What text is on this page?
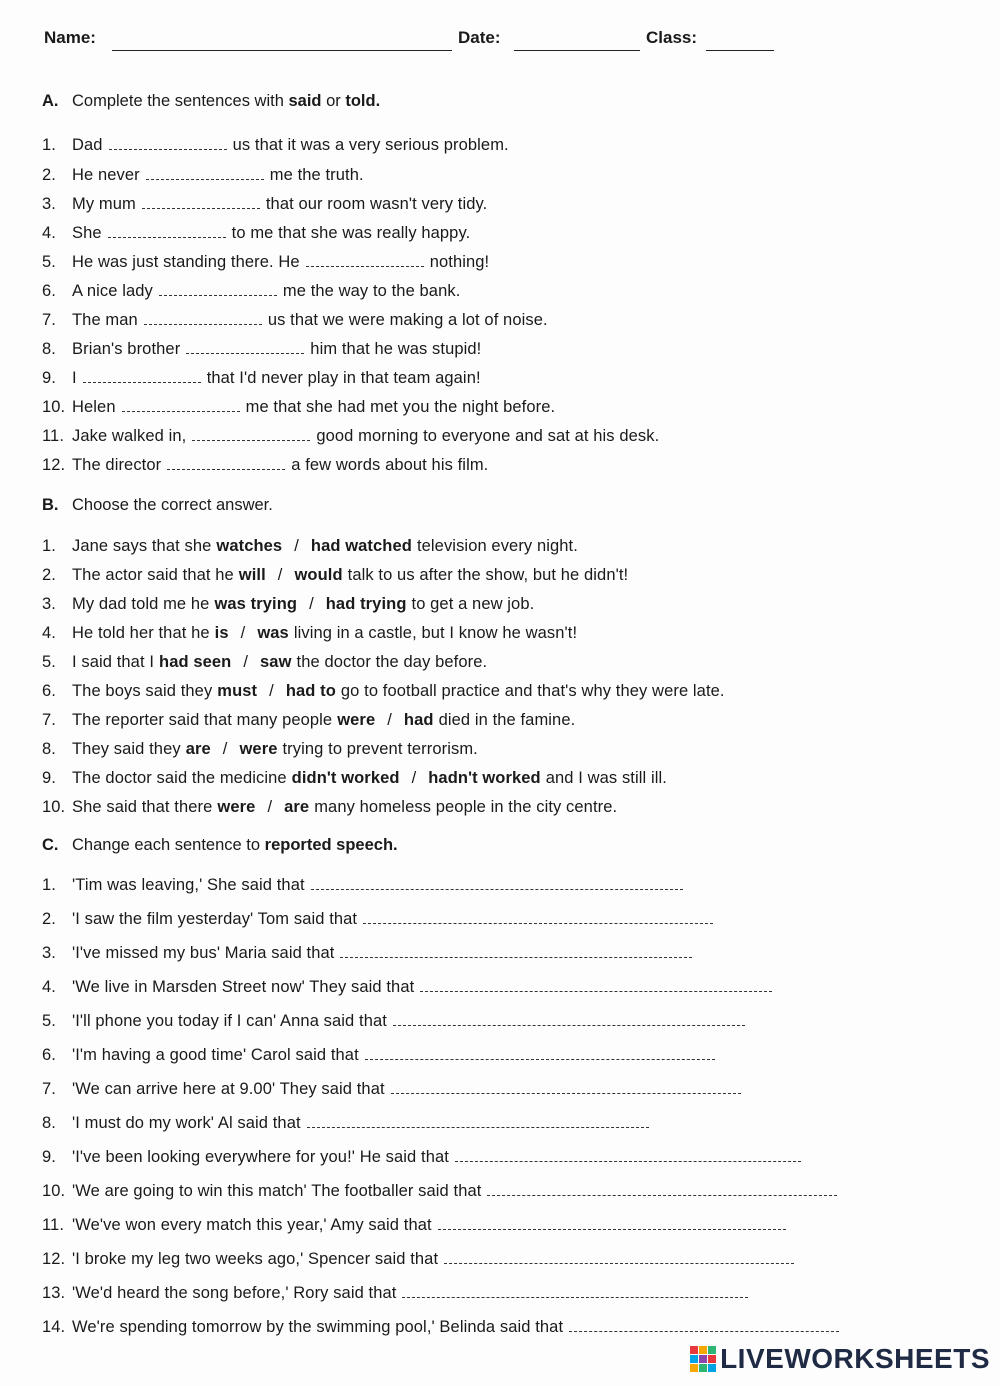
Name:	Date:	Class:
A. Complete the sentences with said or told.
1. Dad	us that it was a very serious problem.
2. He never	me the truth.
3. My mum	that our room wasn't very tidy.
4. She	to me that she was really happy.
5. He was just standing there. He	nothing!
6. A nice lady	me the way to the bank.
7. The man	us that we were making a lot of noise.
8. Brian's brother	him that he was stupid!
9. I	that I'd never play in that team again!
10. Helen	me that she had met you the night before.
11. Jake walked in,	good morning to everyone and sat at his desk.
12. The director	a few words about his film.
B. Choose the correct answer.
1. Jane says that she watches / had watched television every night.
2. The actor said that he will / would talk to us after the show, but he didn't!
3. My dad told me he was trying / had trying to get a new job.
4. He told her that he is / was living in a castle, but I know he wasn't!
5. I said that I had seen / saw the doctor the day before.
6. The boys said they must / had to go to football practice and that's why they were late.
7. The reporter said that many people were / had died in the famine.
8. They said they are / were trying to prevent terrorism.
9. The doctor said the medicine didn't worked / hadn't worked and I was still ill.
10. She said that there were / are many homeless people in the city centre.
C. Change each sentence to reported speech.
1. 'Tim was leaving,' She said that
2. 'I saw the film yesterday' Tom said that
3. 'I've missed my bus' Maria said that
4. 'We live in Marsden Street now' They said that
5. 'I'll phone you today if I can' Anna said that
6. 'I'm having a good time' Carol said that
7. 'We can arrive here at 9.00' They said that
8. 'I must do my work' Al said that
9. 'I've been looking everywhere for you!' He said that
10. 'We are going to win this match' The footballer said that
11. 'We've won every match this year,' Amy said that
12. 'I broke my leg two weeks ago,' Spencer said that
13. 'We'd heard the song before,' Rory said that
14. We're spending tomorrow by the swimming pool,' Belinda said that
LIVEWORKSHEETS
